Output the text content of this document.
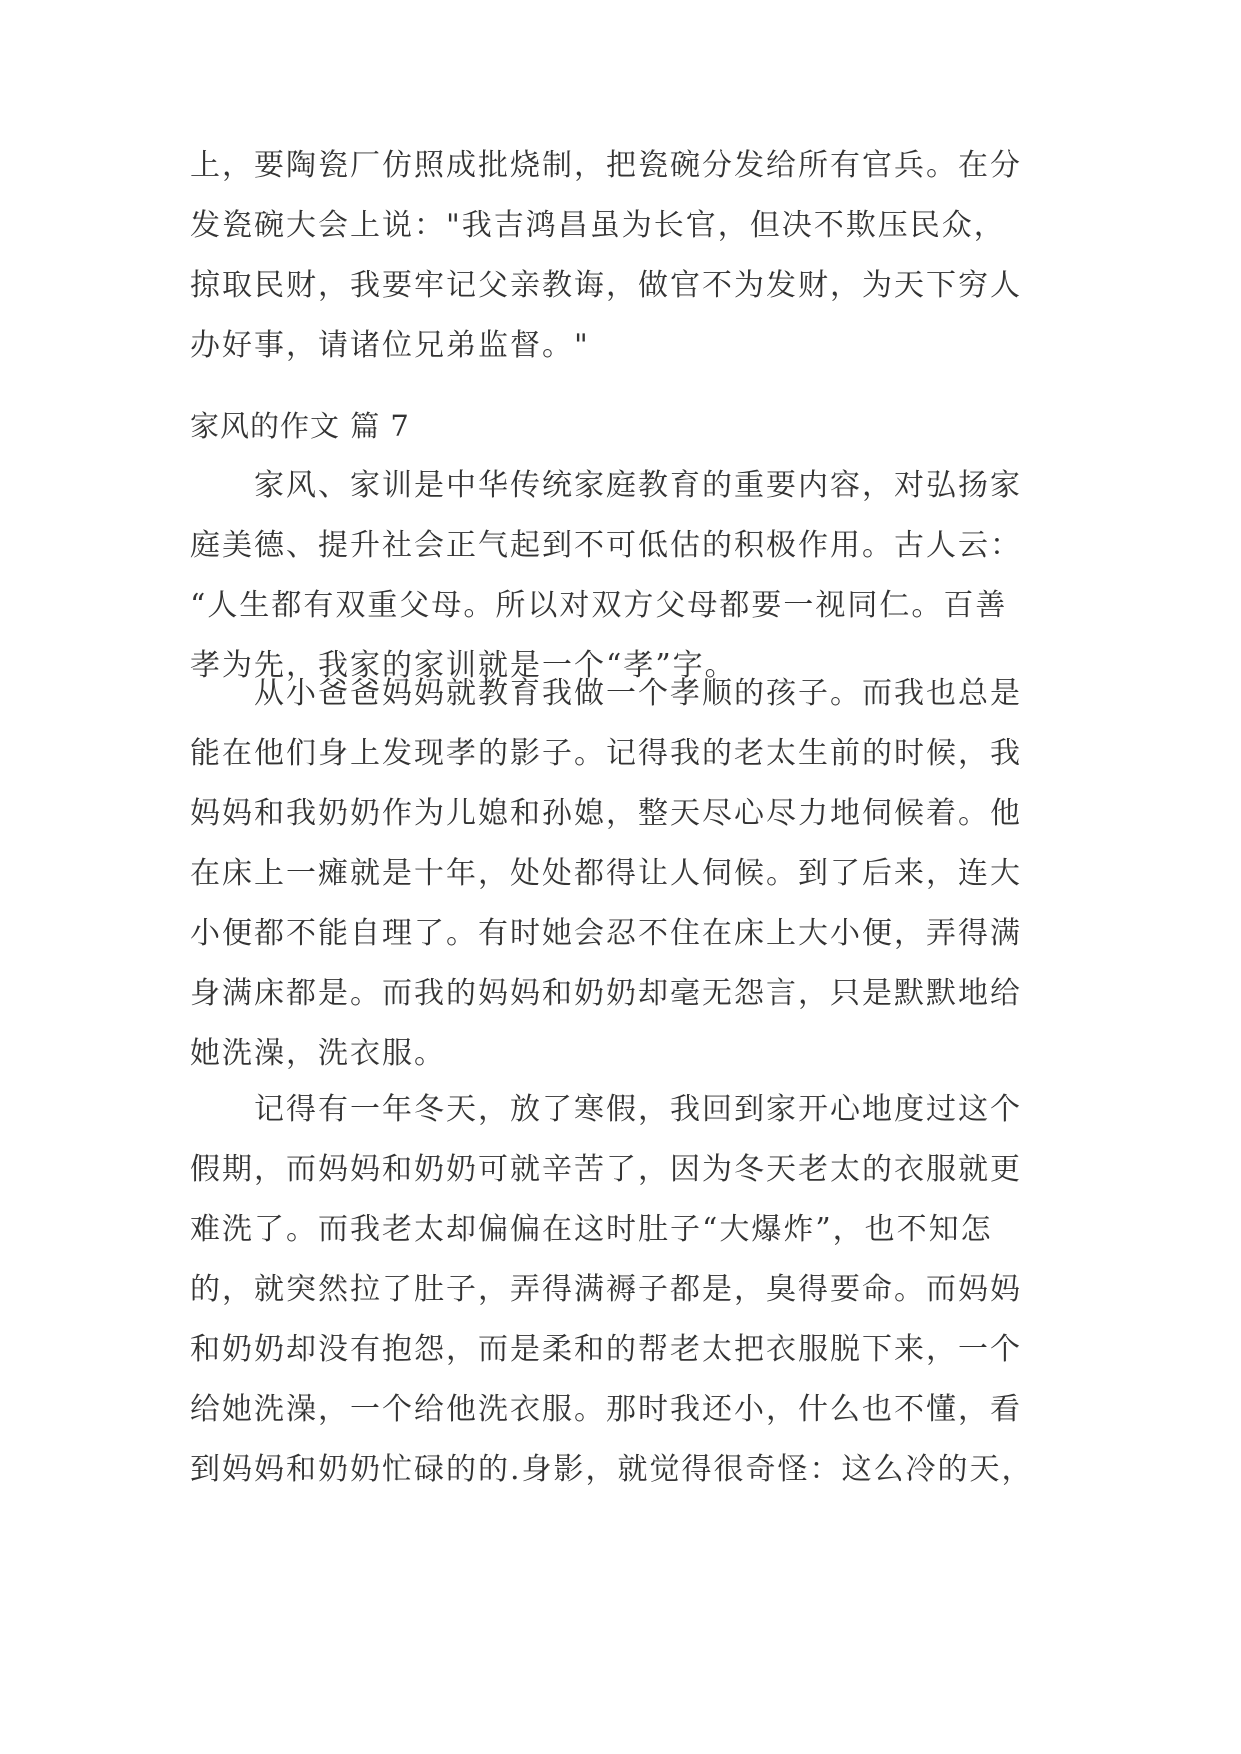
上，要陶瓷厂仿照成批烧制，把瓷碗分发给所有官兵。在分
发瓷碗大会上说："我吉鸿昌虽为长官，但决不欺压民众，
掠取民财，我要牢记父亲教诲，做官不为发财，为天下穷人
办好事，请诸位兄弟监督。"
家风的作文 篇 7
家风、家训是中华传统家庭教育的重要内容，对弘扬家
庭美德、提升社会正气起到不可低估的积极作用。古人云：
“人生都有双重父母。所以对双方父母都要一视同仁。百善
孝为先，我家的家训就是一个“孝”字。
从小爸爸妈妈就教育我做一个孝顺的孩子。而我也总是
能在他们身上发现孝的影子。记得我的老太生前的时候，我
妈妈和我奶奶作为儿媳和孙媳，整天尽心尽力地伺候着。他
在床上一瘫就是十年，处处都得让人伺候。到了后来，连大
小便都不能自理了。有时她会忍不住在床上大小便，弄得满
身满床都是。而我的妈妈和奶奶却毫无怨言，只是默默地给
她洗澡，洗衣服。
记得有一年冬天，放了寒假，我回到家开心地度过这个
假期，而妈妈和奶奶可就辛苦了，因为冬天老太的衣服就更
难洗了。而我老太却偏偏在这时肚子“大爆炸”，也不知怎
的，就突然拉了肚子，弄得满褥子都是，臭得要命。而妈妈
和奶奶却没有抱怨，而是柔和的帮老太把衣服脱下来，一个
给她洗澡，一个给他洗衣服。那时我还小，什么也不懂，看
到妈妈和奶奶忙碌的的.身影，就觉得很奇怪：这么冷的天，
